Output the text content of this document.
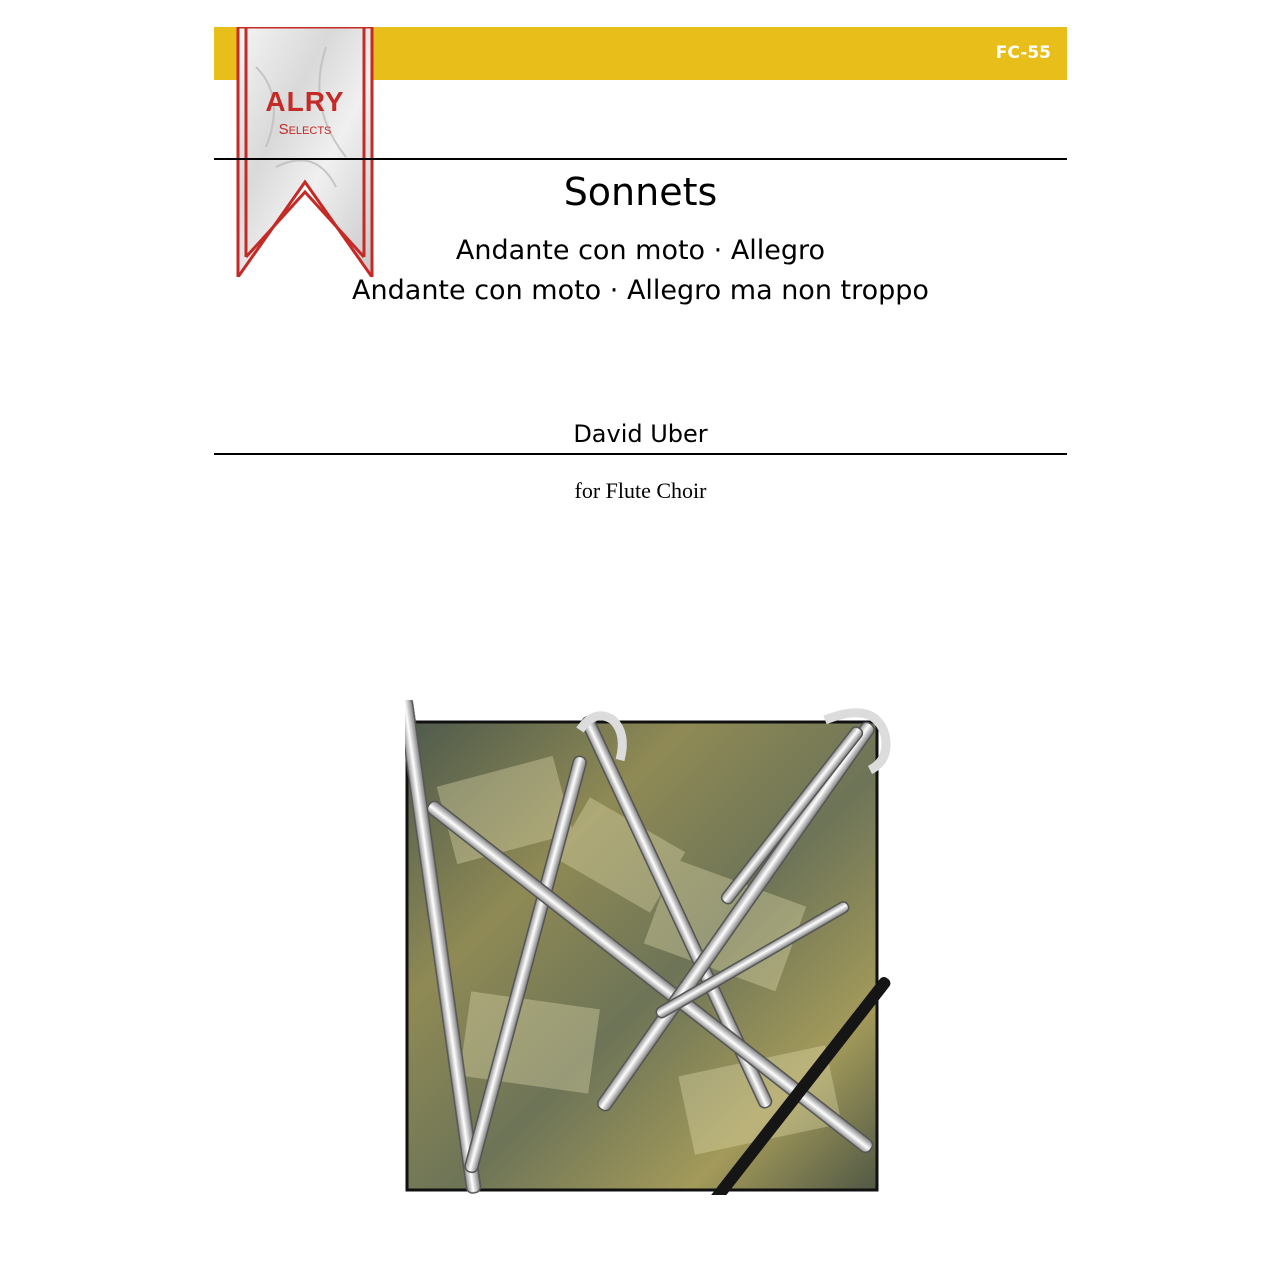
FC-55
ALRY
Selects
Sonnets
Andante con moto · Allegro
Andante con moto · Allegro ma non troppo
David Uber
for Flute Choir
